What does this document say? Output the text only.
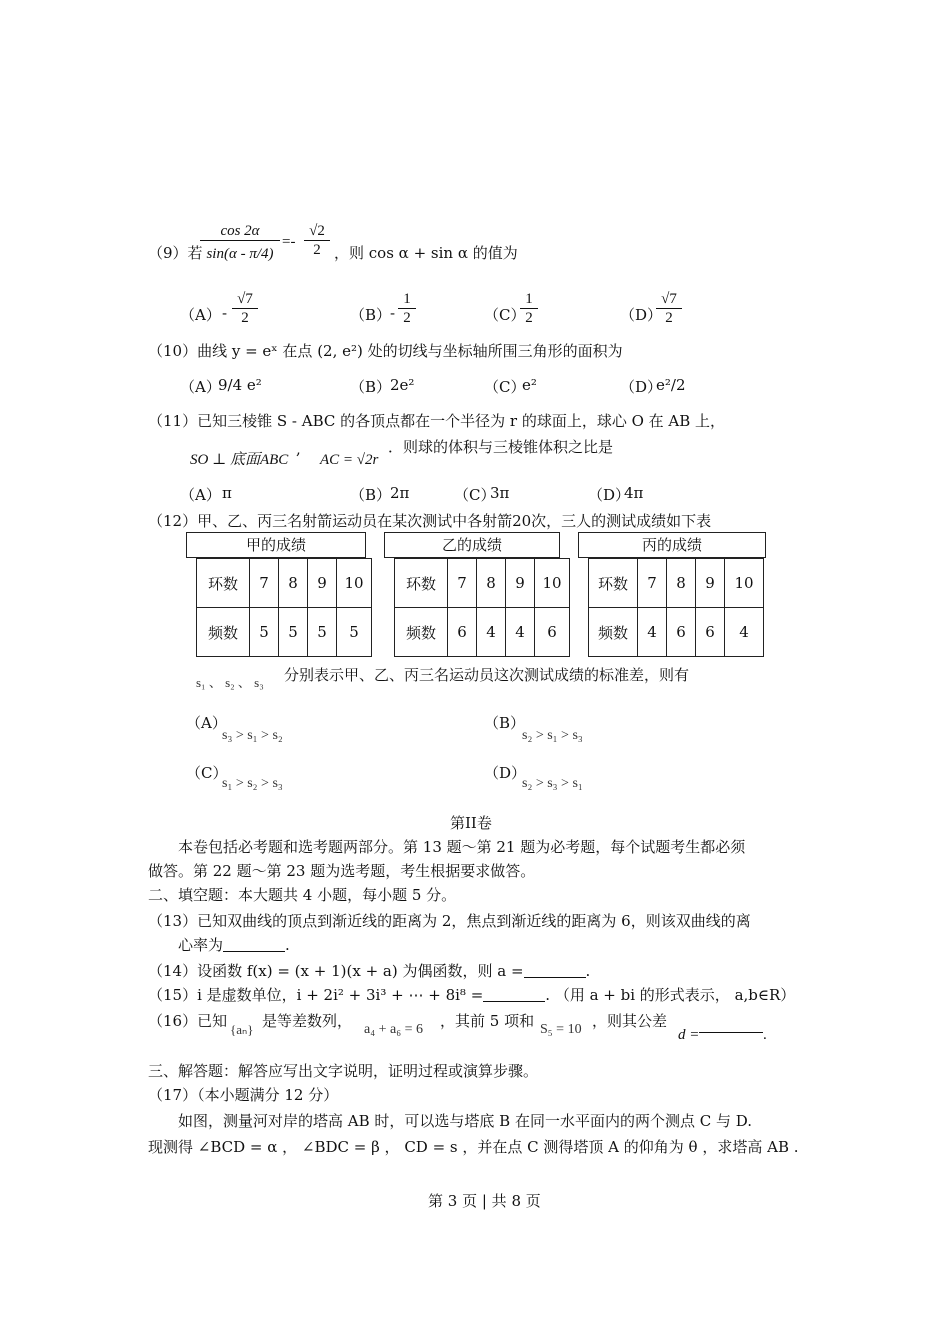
（9）若
$\frac{\cos 2\alpha}{\sin(\alpha - \pi/4)} =- \frac{√2}{2}$ ，则 cos α + sin α 的值为
$(A) - \frac{√7}{2}$	（B）
- $\frac{1}{2}$	（C）
$\frac{1}{2}$	（D）
$\frac{√7}{2}$
（10）曲线 y = eˣ 在点 (2, e²) 处的切线与坐标轴所围三角形的面积为
（A）
9/4 e²	（B）
2e²	（C）
e²	（D）
e²/2
（11）已知三棱锥 S - ABC 的各顶点都在一个半径为 r 的球面上，球心 O 在 AB 上，
SO ⊥ 底面ABC
,
AC = √2r
．则球的体积与三棱锥体积之比是
（A） π	（B）
2π	（C）
3π	（D）
4π
（12）甲、乙、丙三名射箭运动员在某次测试中各射箭20次，三人的测试成绩如下表
甲的成绩	乙的成绩	丙的成绩
环数	7	8	9	10
频数	5	5	5	5
环数	7	8	9	10
频数	6	4	4	6
环数	7	8	9	10
频数	4	6	6	4
s₁ 、 s₂ 、 s₃ 分别表示甲、乙、丙三名运动员这次测试成绩的标准差，则有
（A）
s₃ > s₁ > s₂
（B）
s₂ > s₁ > s₃
（C）
s₁ > s₂ > s₃
（D）
s₂ > s₃ > s₁
第II卷
本卷包括必考题和选考题两部分。第 13 题～第 21 题为必考题，每个试题考生都必须
做答。第 22 题～第 23 题为选考题，考生根据要求做答。
二、填空题：本大题共 4 小题，每小题 5 分。
（13）已知双曲线的顶点到渐近线的距离为 2，焦点到渐近线的距离为 6，则该双曲线的离
心率为	.
（14）设函数 f(x) = (x + 1)(x + a) 为偶函数，则 a =	.
（15）i 是虚数单位，i + 2i² + 3i³ + ⋯ + 8i⁸ =	. （用 a + bi 的形式表示， a,b∈R）
（16）已知 {aₙ} 是等差数列， a₄ + a₆ = 6 ，其前 5 项和 S₅ = 10 ，则其公差
d =	.
三、解答题：解答应写出文字说明，证明过程或演算步骤。
（17）（本小题满分 12 分）
如图，测量河对岸的塔高 AB 时，可以选与塔底 B 在同一水平面内的两个测点 C 与 D.
现测得 ∠BCD = α ， ∠BDC = β ， CD = s ，并在点 C 测得塔顶 A 的仰角为 θ ，求塔高 AB .
第 3 页 | 共 8 页
